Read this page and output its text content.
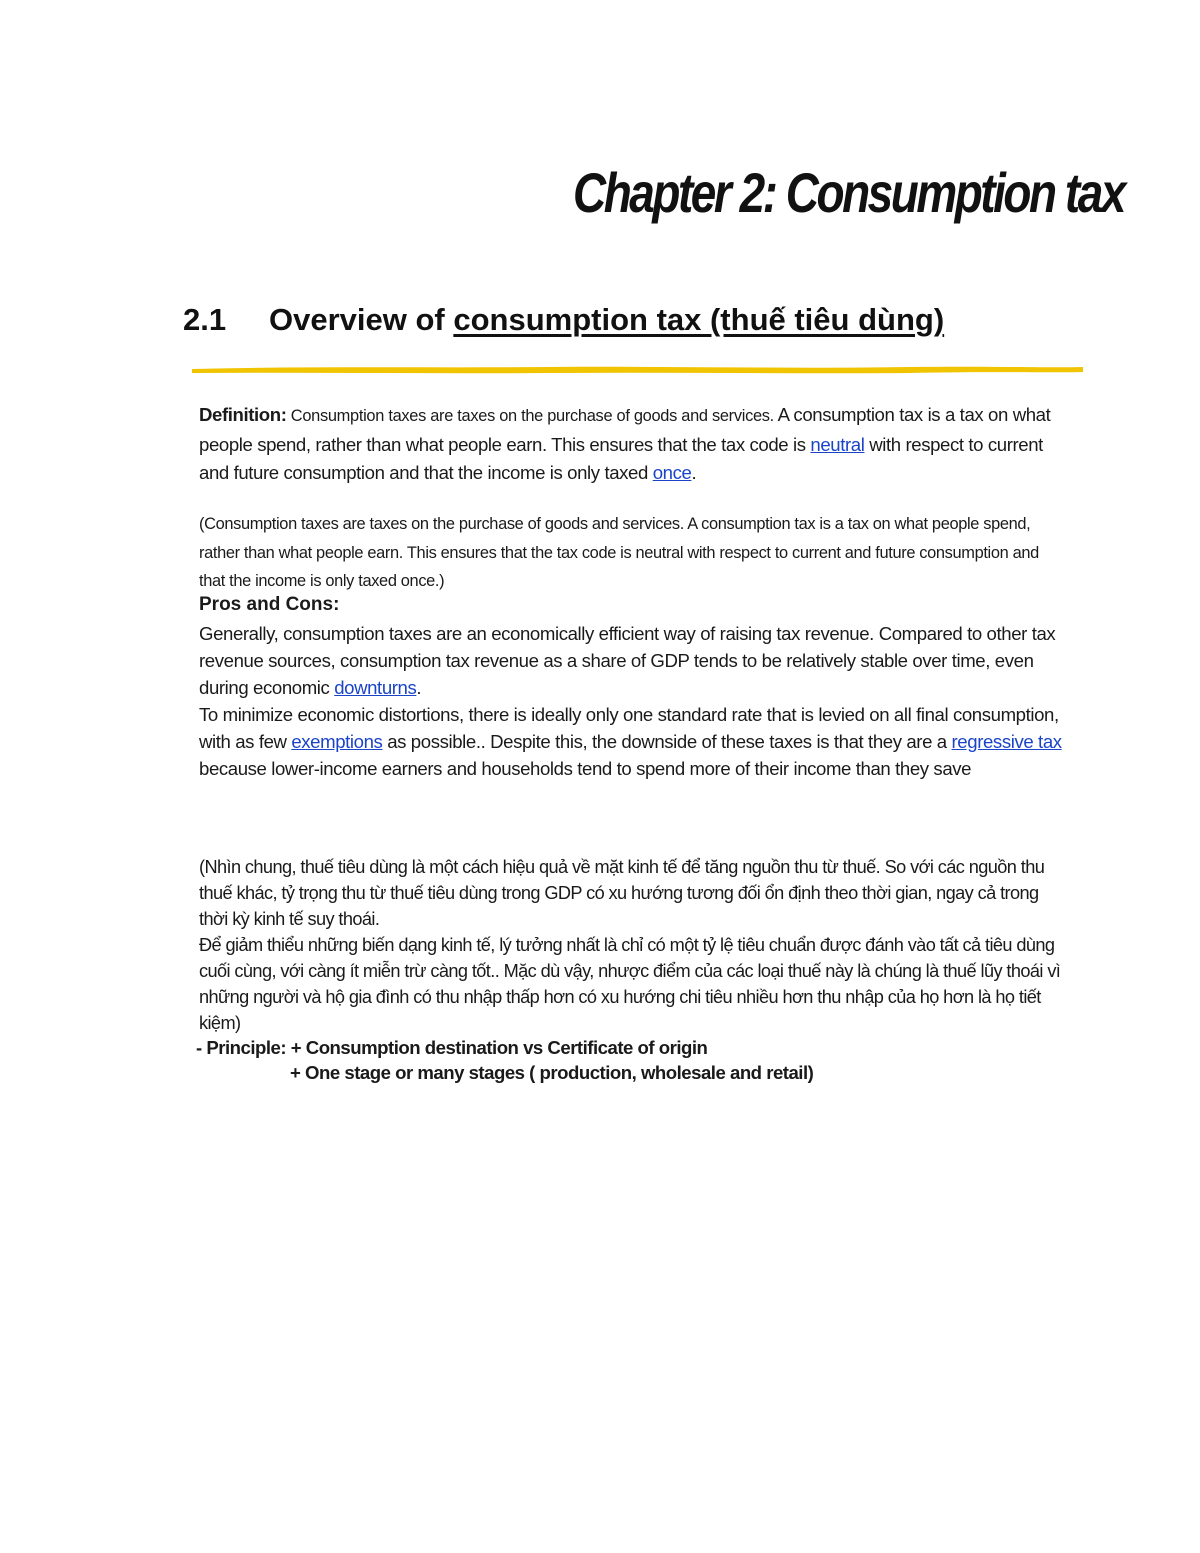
Chapter 2: Consumption tax
2.1 Overview of consumption tax (thuế tiêu dùng)
Definition: Consumption taxes are taxes on the purchase of goods and services. A consumption tax is a tax on what people spend, rather than what people earn. This ensures that the tax code is neutral with respect to current and future consumption and that the income is only taxed once.
(Consumption taxes are taxes on the purchase of goods and services. A consumption tax is a tax on what people spend, rather than what people earn. This ensures that the tax code is neutral with respect to current and future consumption and that the income is only taxed once.)
Pros and Cons:

Generally, consumption taxes are an economically efficient way of raising tax revenue. Compared to other tax revenue sources, consumption tax revenue as a share of GDP tends to be relatively stable over time, even during economic downturns.

To minimize economic distortions, there is ideally only one standard rate that is levied on all final consumption, with as few exemptions as possible.. Despite this, the downside of these taxes is that they are a regressive tax because lower-income earners and households tend to spend more of their income than they save

(Nhìn chung, thuế tiêu dùng là một cách hiệu quả về mặt kinh tế để tăng nguồn thu từ thuế. So với các nguồn thu thuế khác, tỷ trọng thu từ thuế tiêu dùng trong GDP có xu hướng tương đối ổn định theo thời gian, ngay cả trong thời kỳ kinh tế suy thoái.

Để giảm thiểu những biến dạng kinh tế, lý tưởng nhất là chỉ có một tỷ lệ tiêu chuẩn được đánh vào tất cả tiêu dùng cuối cùng, với càng ít miễn trừ càng tốt.. Mặc dù vậy, nhược điểm của các loại thuế này là chúng là thuế lũy thoái vì những người và hộ gia đình có thu nhập thấp hơn có xu hướng chi tiêu nhiều hơn thu nhập của họ hơn là họ tiết kiệm)

- Principle: + Consumption destination vs Certificate of origin
+ One stage or many stages ( production, wholesale and retail)
